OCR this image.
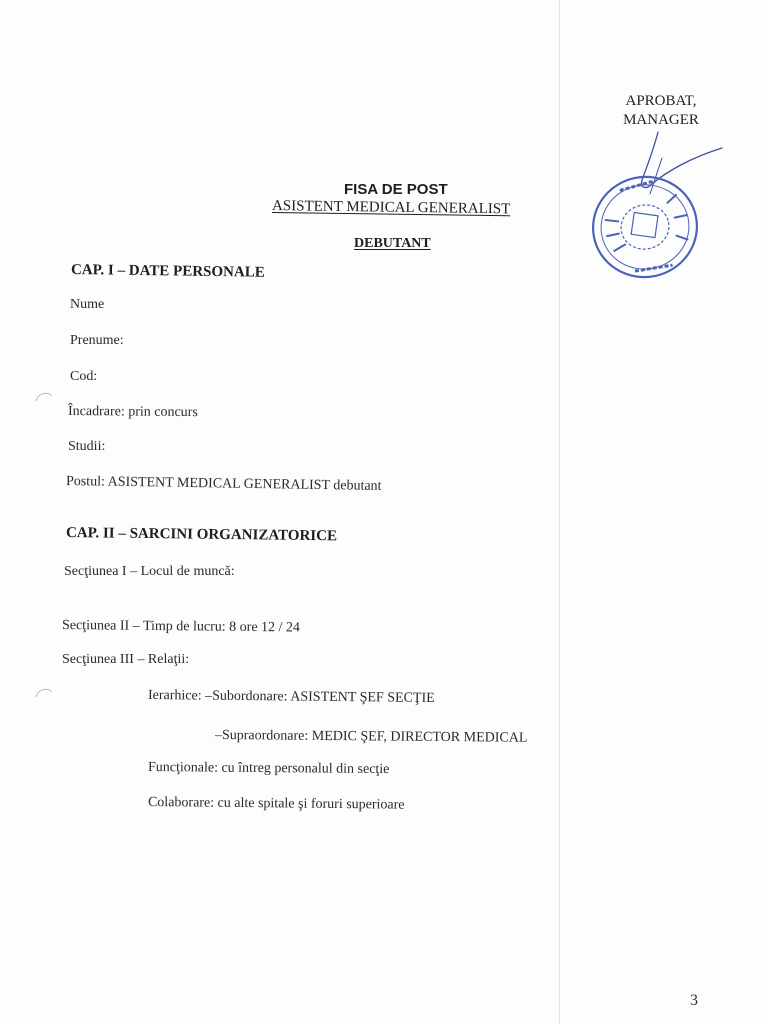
APROBAT,
MANAGER
FISA DE POST
ASISTENT MEDICAL GENERALIST
DEBUTANT
CAP. I – DATE PERSONALE
Nume
Prenume:
Cod:
Încadrare: prin concurs
Studii:
Postul: ASISTENT MEDICAL GENERALIST debutant
CAP. II – SARCINI ORGANIZATORICE
Secţiunea I – Locul de muncă:
Secţiunea II – Timp de lucru: 8 ore 12 / 24
Secţiunea III – Relaţii:
Ierarhice: –Subordonare: ASISTENT ŞEF SECŢIE
–Supraordonare: MEDIC ŞEF, DIRECTOR MEDICAL
Funcţionale: cu întreg personalul din secţie
Colaborare: cu alte spitale şi foruri superioare
3
